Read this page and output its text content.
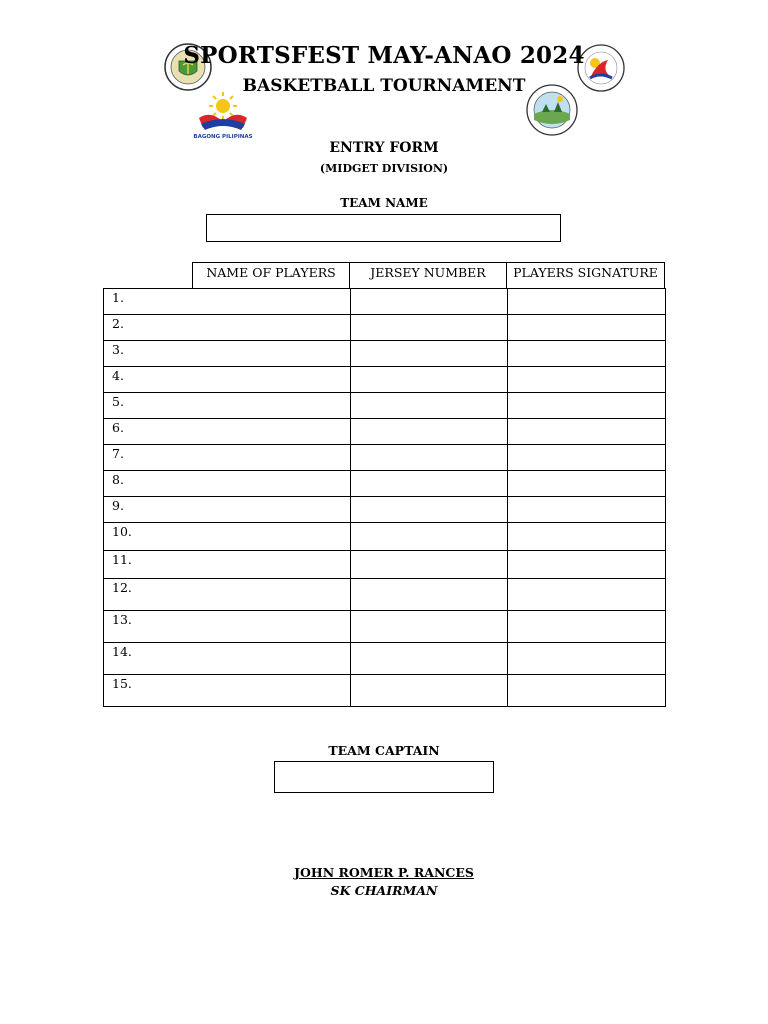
BAGONG PILIPINAS
SPORTSFEST MAY-ANAO 2024
BASKETBALL TOURNAMENT
ENTRY FORM
(MIDGET DIVISION)
TEAM NAME
NAME OF PLAYERS	JERSEY NUMBER	PLAYERS SIGNATURE
1.		
2.		
3.		
4.		
5.		
6.		
7.		
8.		
9.		
10.		
11.		
12.		
13.		
14.		
15.		
TEAM CAPTAIN
JOHN ROMER P. RANCES
SK CHAIRMAN
